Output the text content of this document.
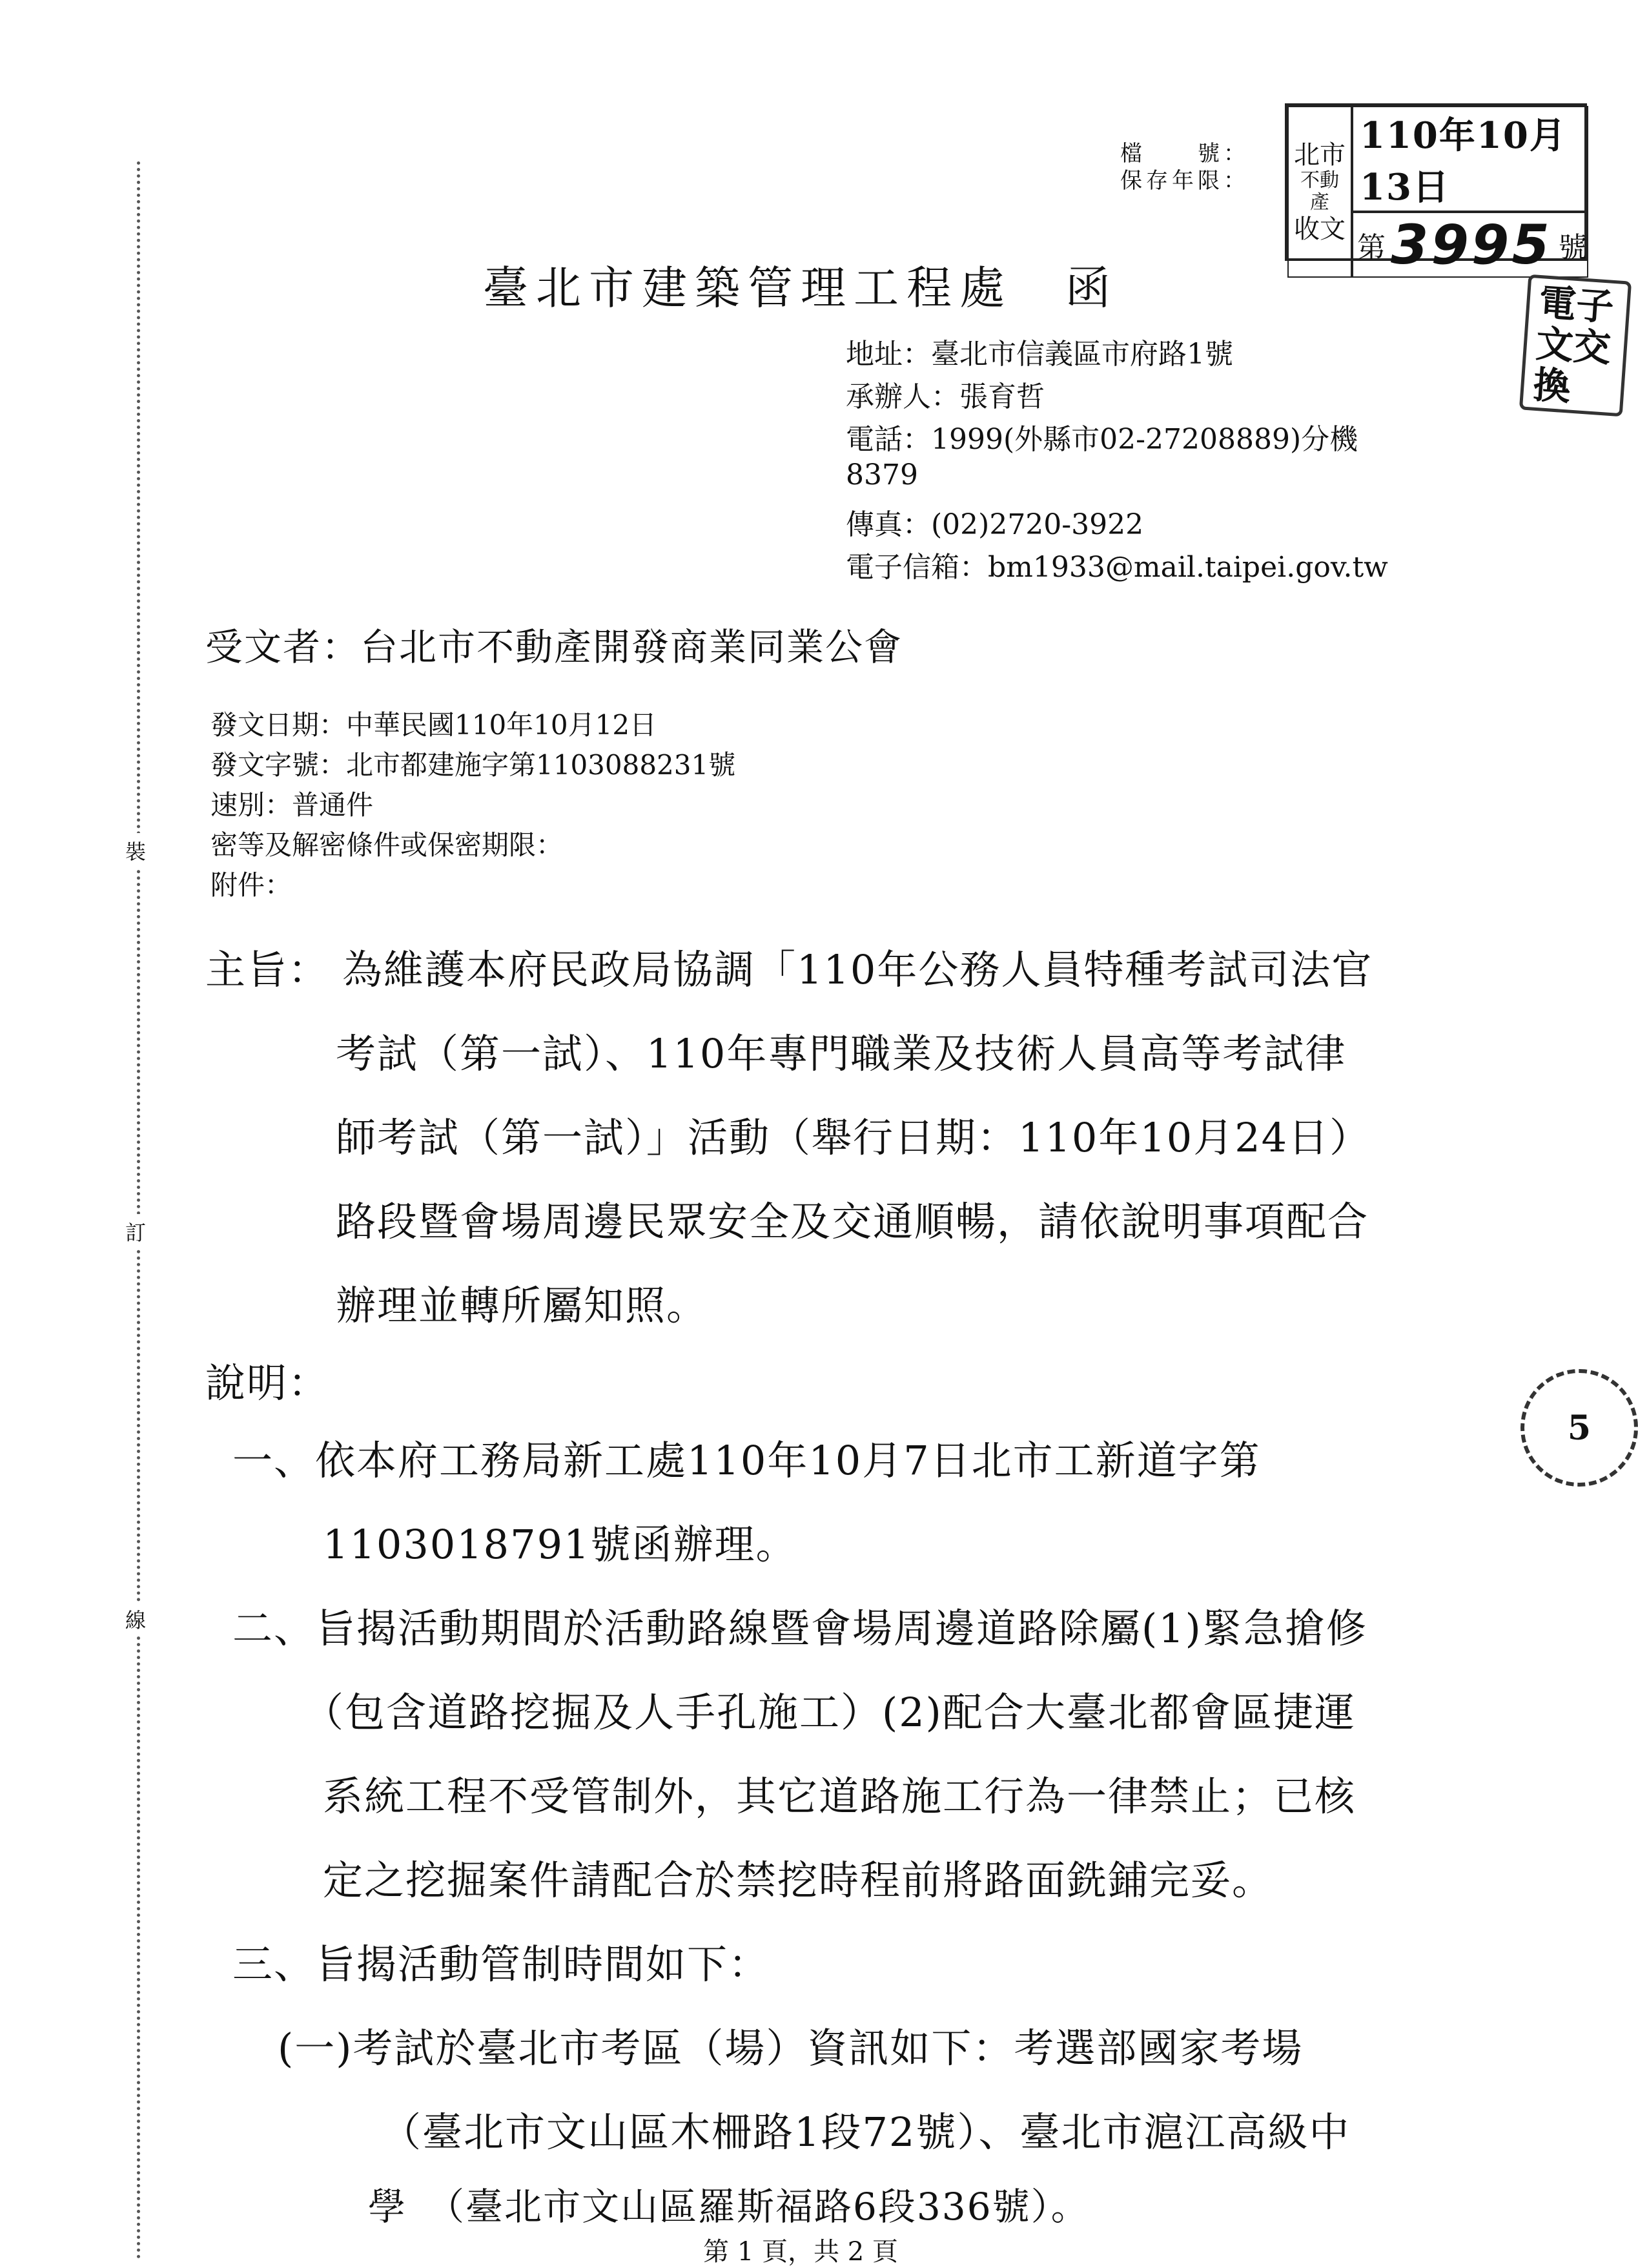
檔　　號：
保存年限：
北市
不動產
收文
110年10月13日
第 3995 號
電子
文交
換
5
裝
訂
線
臺北市建築管理工程處　函
地址：臺北市信義區市府路1號
承辦人：張育哲
電話：1999(外縣市02-27208889)分機
8379
傳真：(02)2720-3922
電子信箱：bm1933@mail.taipei.gov.tw
受文者：台北市不動產開發商業同業公會
發文日期：中華民國110年10月12日
發文字號：北市都建施字第1103088231號
速別：普通件
密等及解密條件或保密期限：
附件：
主旨： 為維護本府民政局協調「110年公務人員特種考試司法官
考試（第一試）、110年專門職業及技術人員高等考試律
師考試（第一試）」活動（舉行日期：110年10月24日）
路段暨會場周邊民眾安全及交通順暢，請依說明事項配合
辦理並轉所屬知照。
說明：
一、依本府工務局新工處110年10月7日北市工新道字第
1103018791號函辦理。
二、旨揭活動期間於活動路線暨會場周邊道路除屬(1)緊急搶修
（包含道路挖掘及人手孔施工）(2)配合大臺北都會區捷運
系統工程不受管制外，其它道路施工行為一律禁止；已核
定之挖掘案件請配合於禁挖時程前將路面銑鋪完妥。
三、旨揭活動管制時間如下：
(一)考試於臺北市考區（場）資訊如下：考選部國家考場
（臺北市文山區木柵路1段72號）、臺北市滬江高級中
學　（臺北市文山區羅斯福路6段336號）。
第 1 頁，共 2 頁
